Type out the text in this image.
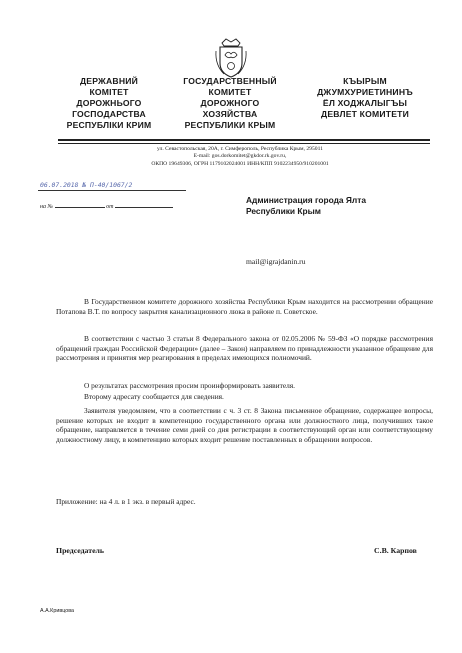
ДЕРЖАВНИЙ
КОМІТЕТ
ДОРОЖНЬОГО
ГОСПОДАРСТВА
РЕСПУБЛІКИ КРИМ
ГОСУДАРСТВЕННЫЙ
КОМИТЕТ
ДОРОЖНОГО
ХОЗЯЙСТВА
РЕСПУБЛИКИ КРЫМ
КЪЫРЫМ
ДЖУМХУРИЕТИНИНЪ
ЁЛ ХОДЖАЛЫГЪЫ
ДЕВЛЕТ КОМИТЕТИ
ул. Севастопольская, 20А, г. Симферополь, Республика Крым, 295011
E-mail: gos.dorkomitet@gkdor.rk.gov.ru,
ОКПО 19649306, ОГРН 1179102024001 ИНН/КПП 9102234950/910201001
06.07.2018 № П-40/1067/2
на №	от
Администрация города Ялта
Республики Крым
mail@igrajdanin.ru
В Государственном комитете дорожного хозяйства Республики Крым находится на рассмотрении обращение Потапова В.Т. по вопросу закрытия канализационного люка в районе п. Советское.
В соответствии с частью 3 статьи 8 Федерального закона от 02.05.2006 № 59-ФЗ «О порядке рассмотрения обращений граждан Российской Федерации» (далее – Закон) направляем по принадлежности указанное обращение для рассмотрения и принятия мер реагирования в пределах имеющихся полномочий.
О результатах рассмотрения просим проинформировать заявителя.
Второму адресату сообщается для сведения.
Заявителя уведомляем, что в соответствии с ч. 3 ст. 8 Закона письменное обращение, содержащее вопросы, решение которых не входит в компетенцию государственного органа или должностного лица, получивших такое обращение, направляется в течение семи дней со дня регистрации в соответствующий орган или соответствующему должностному лицу, в компетенцию которых входит решение поставленных в обращении вопросов.
Приложение: на 4 л. в 1 экз. в первый адрес.
Председатель	С.В. Карпов
А.А.Кривцова
